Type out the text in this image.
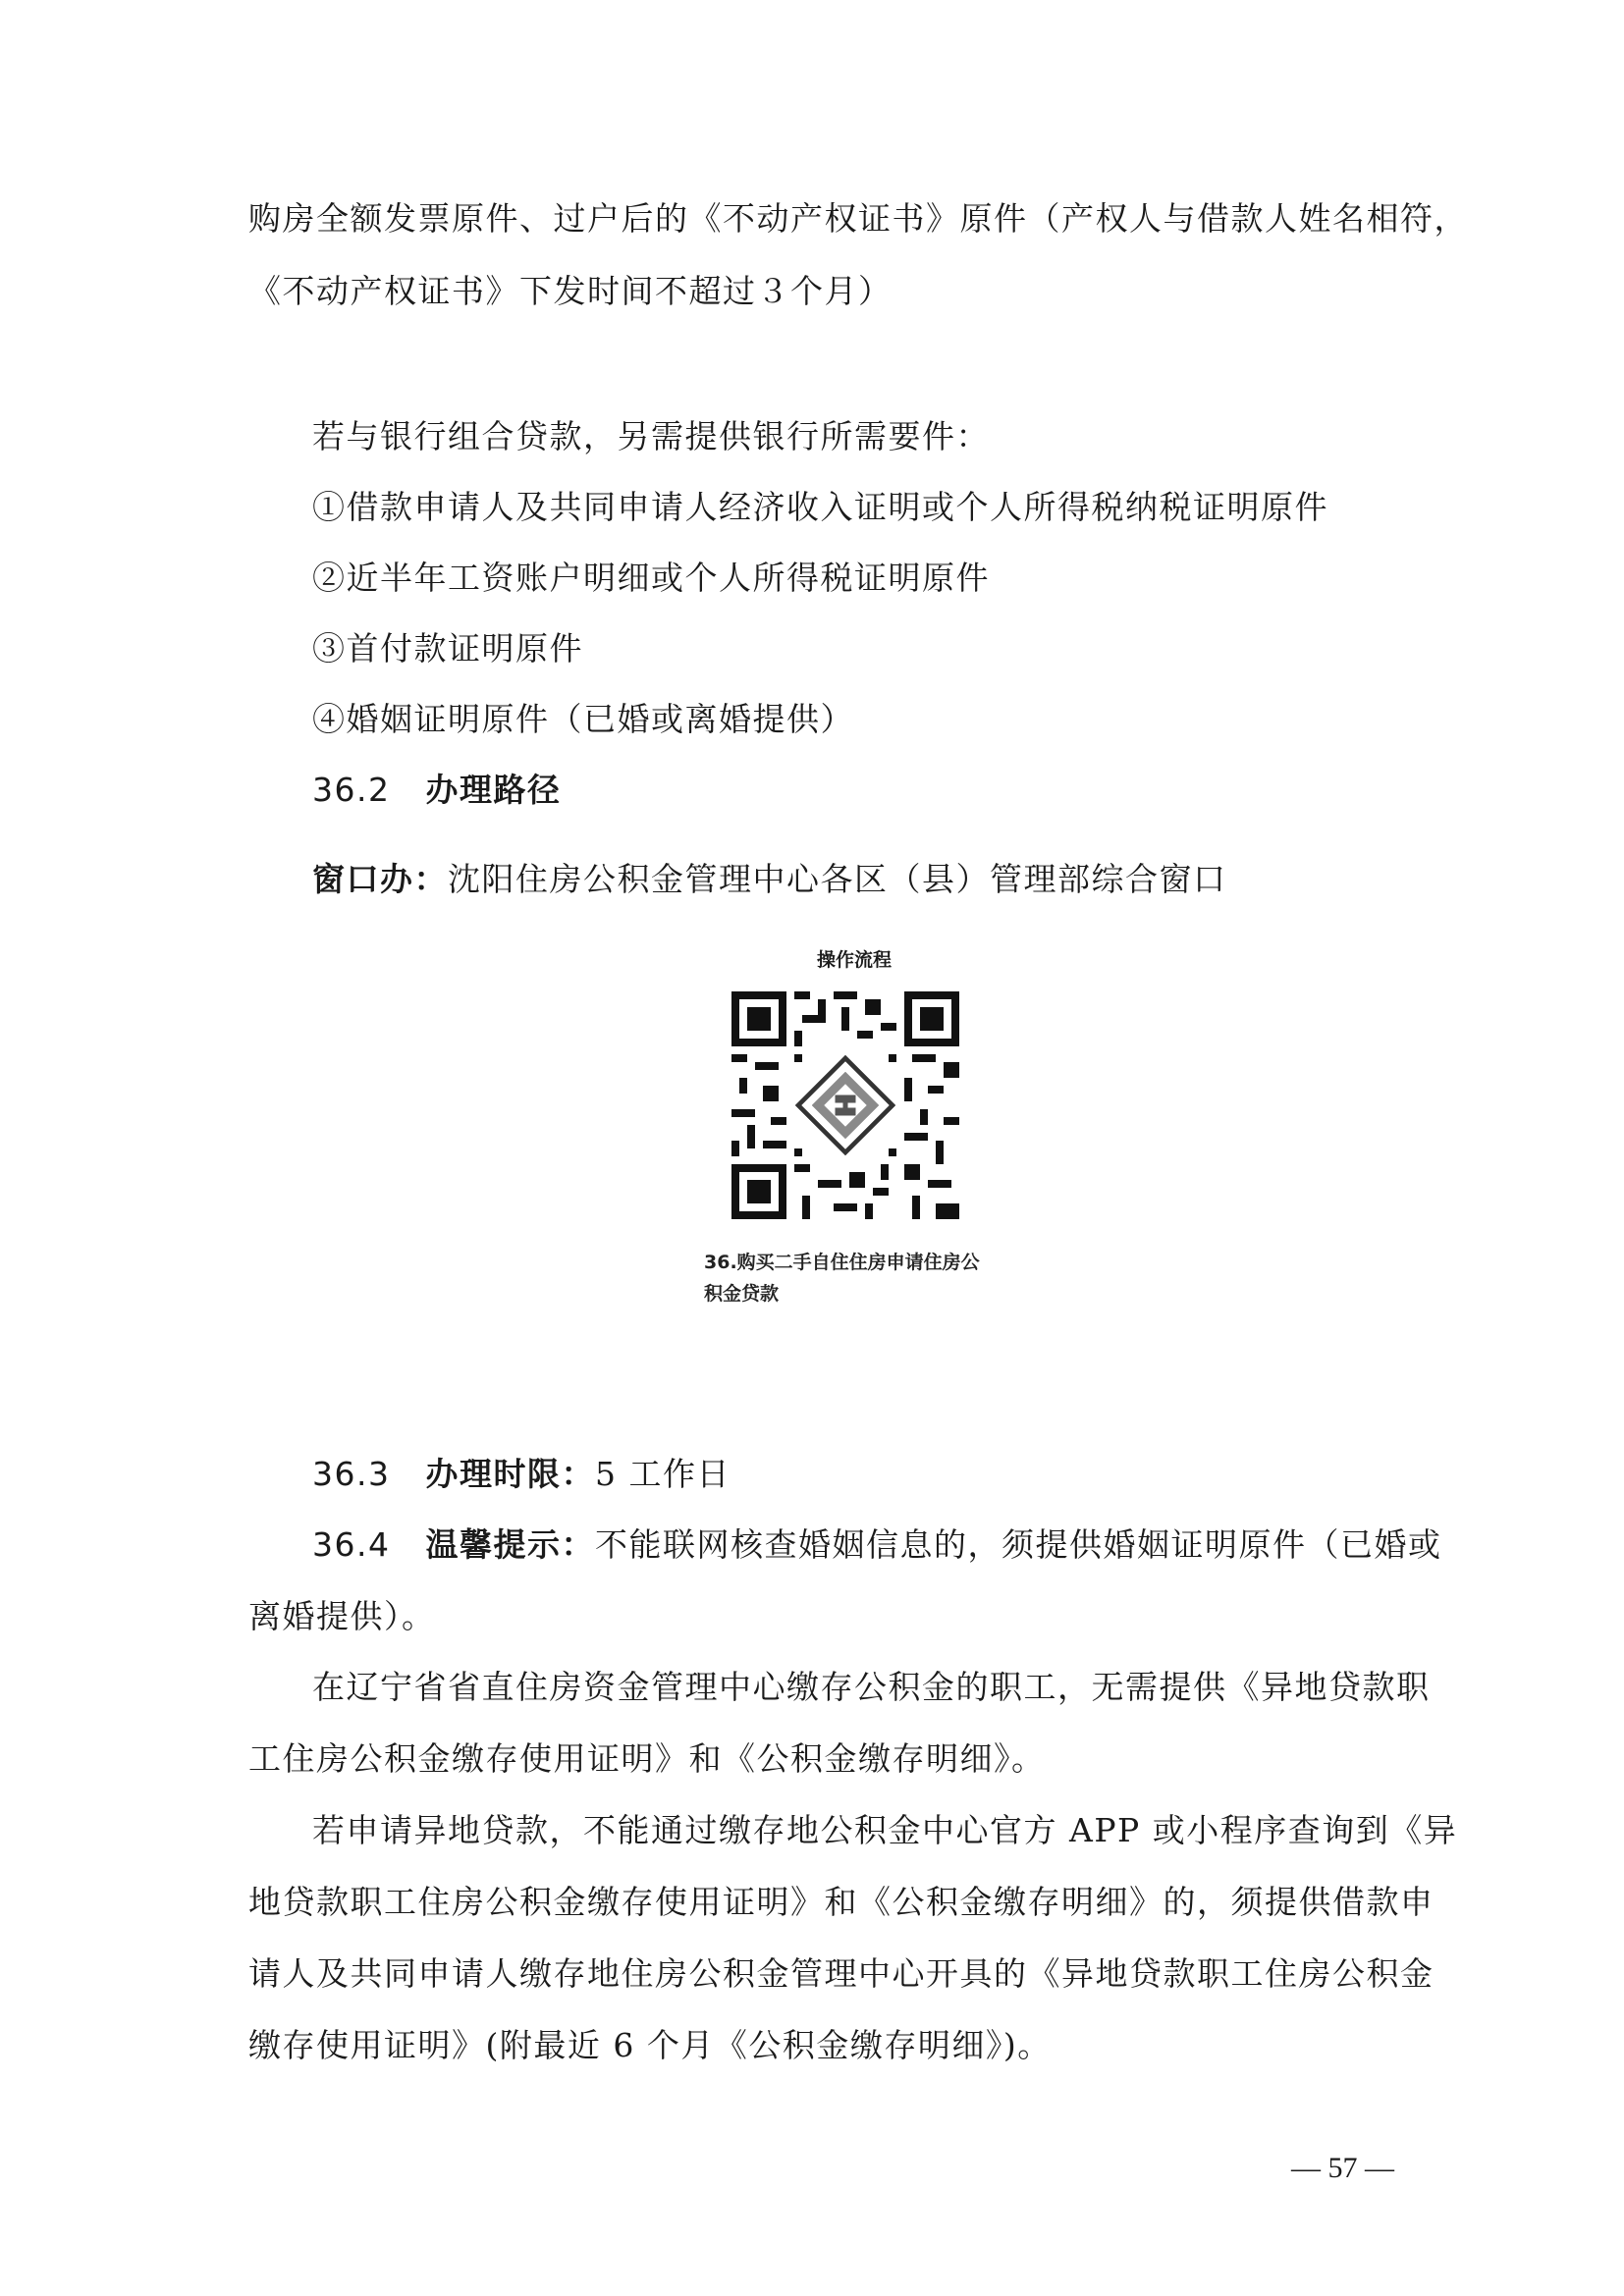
购房全额发票原件、过户后的《不动产权证书》原件（产权人与借款人姓名相符，
《不动产权证书》下发时间不超过３个月）
若与银行组合贷款，另需提供银行所需要件：
①借款申请人及共同申请人经济收入证明或个人所得税纳税证明原件
②近半年工资账户明细或个人所得税证明原件
③首付款证明原件
④婚姻证明原件（已婚或离婚提供）
36.2 办理路径
窗口办：沈阳住房公积金管理中心各区（县）管理部综合窗口
操作流程
36.购买二手自住住房申请住房公
积金贷款
36.3 办理时限：5 工作日
36.4 温馨提示：不能联网核查婚姻信息的，须提供婚姻证明原件（已婚或
离婚提供）。
在辽宁省省直住房资金管理中心缴存公积金的职工，无需提供《异地贷款职
工住房公积金缴存使用证明》和《公积金缴存明细》。
若申请异地贷款，不能通过缴存地公积金中心官方 APP 或小程序查询到《异
地贷款职工住房公积金缴存使用证明》和《公积金缴存明细》的，须提供借款申
请人及共同申请人缴存地住房公积金管理中心开具的《异地贷款职工住房公积金
缴存使用证明》(附最近 6 个月《公积金缴存明细》)。
— 57 —
